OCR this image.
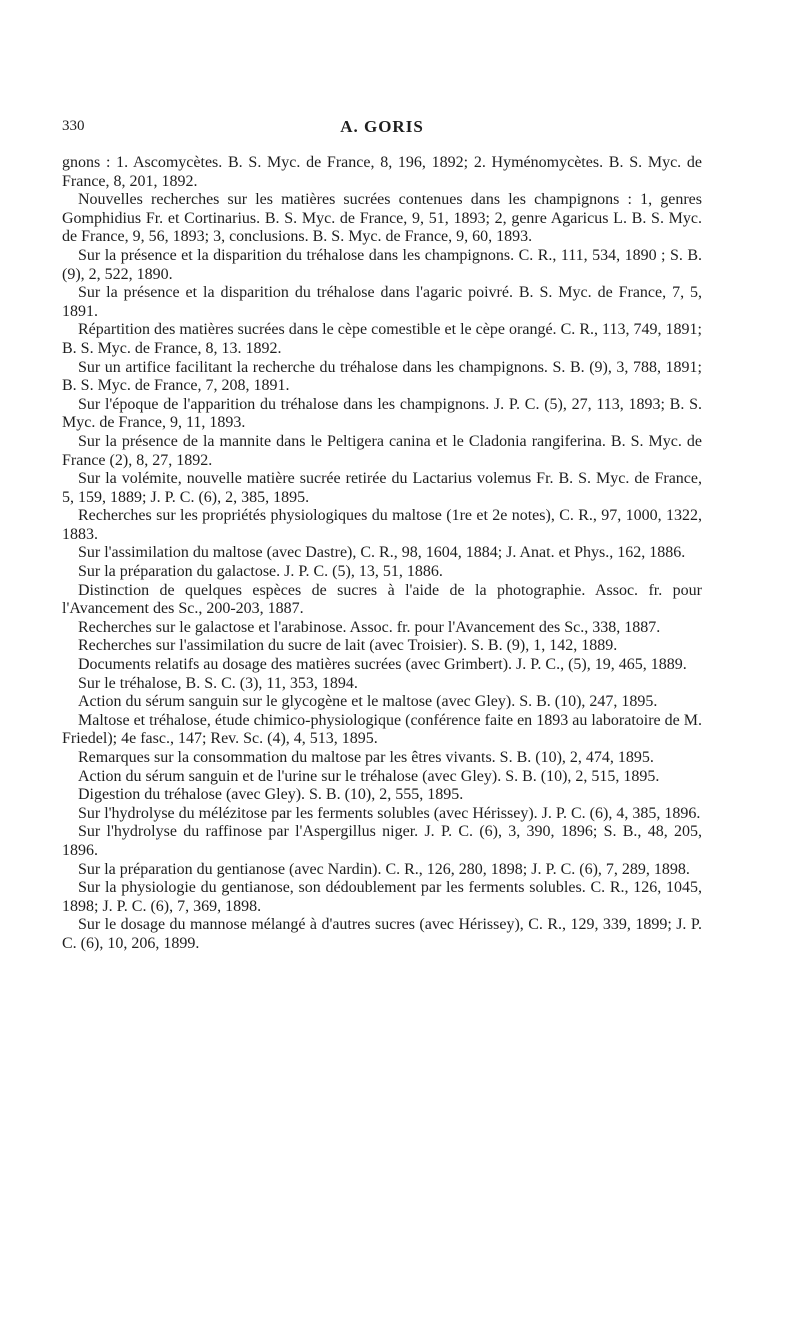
330	A. GORIS
gnons : 1. Ascomycètes. B. S. Myc. de France, 8, 196, 1892; 2. Hyménomycètes. B. S. Myc. de France, 8, 201, 1892.
Nouvelles recherches sur les matières sucrées contenues dans les champignons : 1, genres Gomphidius Fr. et Cortinarius. B. S. Myc. de France, 9, 51, 1893; 2, genre Agaricus L. B. S. Myc. de France, 9, 56, 1893; 3, conclusions. B. S. Myc. de France, 9, 60, 1893.
Sur la présence et la disparition du tréhalose dans les champignons. C. R., 111, 534, 1890 ; S. B. (9), 2, 522, 1890.
Sur la présence et la disparition du tréhalose dans l'agaric poivré. B. S. Myc. de France, 7, 5, 1891.
Répartition des matières sucrées dans le cèpe comestible et le cèpe orangé. C. R., 113, 749, 1891; B. S. Myc. de France, 8, 13. 1892.
Sur un artifice facilitant la recherche du tréhalose dans les champignons. S. B. (9), 3, 788, 1891; B. S. Myc. de France, 7, 208, 1891.
Sur l'époque de l'apparition du tréhalose dans les champignons. J. P. C. (5), 27, 113, 1893; B. S. Myc. de France, 9, 11, 1893.
Sur la présence de la mannite dans le Peltigera canina et le Cladonia rangiferina. B. S. Myc. de France (2), 8, 27, 1892.
Sur la volémite, nouvelle matière sucrée retirée du Lactarius volemus Fr. B. S. Myc. de France, 5, 159, 1889; J. P. C. (6), 2, 385, 1895.
Recherches sur les propriétés physiologiques du maltose (1re et 2e notes), C. R., 97, 1000, 1322, 1883.
Sur l'assimilation du maltose (avec Dastre), C. R., 98, 1604, 1884; J. Anat. et Phys., 162, 1886.
Sur la préparation du galactose. J. P. C. (5), 13, 51, 1886.
Distinction de quelques espèces de sucres à l'aide de la photographie. Assoc. fr. pour l'Avancement des Sc., 200-203, 1887.
Recherches sur le galactose et l'arabinose. Assoc. fr. pour l'Avancement des Sc., 338, 1887.
Recherches sur l'assimilation du sucre de lait (avec Troisier). S. B. (9), 1, 142, 1889.
Documents relatifs au dosage des matières sucrées (avec Grimbert). J. P. C., (5), 19, 465, 1889.
Sur le tréhalose, B. S. C. (3), 11, 353, 1894.
Action du sérum sanguin sur le glycogène et le maltose (avec Gley). S. B. (10), 247, 1895.
Maltose et tréhalose, étude chimico-physiologique (conférence faite en 1893 au laboratoire de M. Friedel); 4e fasc., 147; Rev. Sc. (4), 4, 513, 1895.
Remarques sur la consommation du maltose par les êtres vivants. S. B. (10), 2, 474, 1895.
Action du sérum sanguin et de l'urine sur le tréhalose (avec Gley). S. B. (10), 2, 515, 1895.
Digestion du tréhalose (avec Gley). S. B. (10), 2, 555, 1895.
Sur l'hydrolyse du mélézitose par les ferments solubles (avec Hérissey). J. P. C. (6), 4, 385, 1896.
Sur l'hydrolyse du raffinose par l'Aspergillus niger. J. P. C. (6), 3, 390, 1896; S. B., 48, 205, 1896.
Sur la préparation du gentianose (avec Nardin). C. R., 126, 280, 1898; J. P. C. (6), 7, 289, 1898.
Sur la physiologie du gentianose, son dédoublement par les ferments solubles. C. R., 126, 1045, 1898; J. P. C. (6), 7, 369, 1898.
Sur le dosage du mannose mélangé à d'autres sucres (avec Hérissey), C. R., 129, 339, 1899; J. P. C. (6), 10, 206, 1899.
